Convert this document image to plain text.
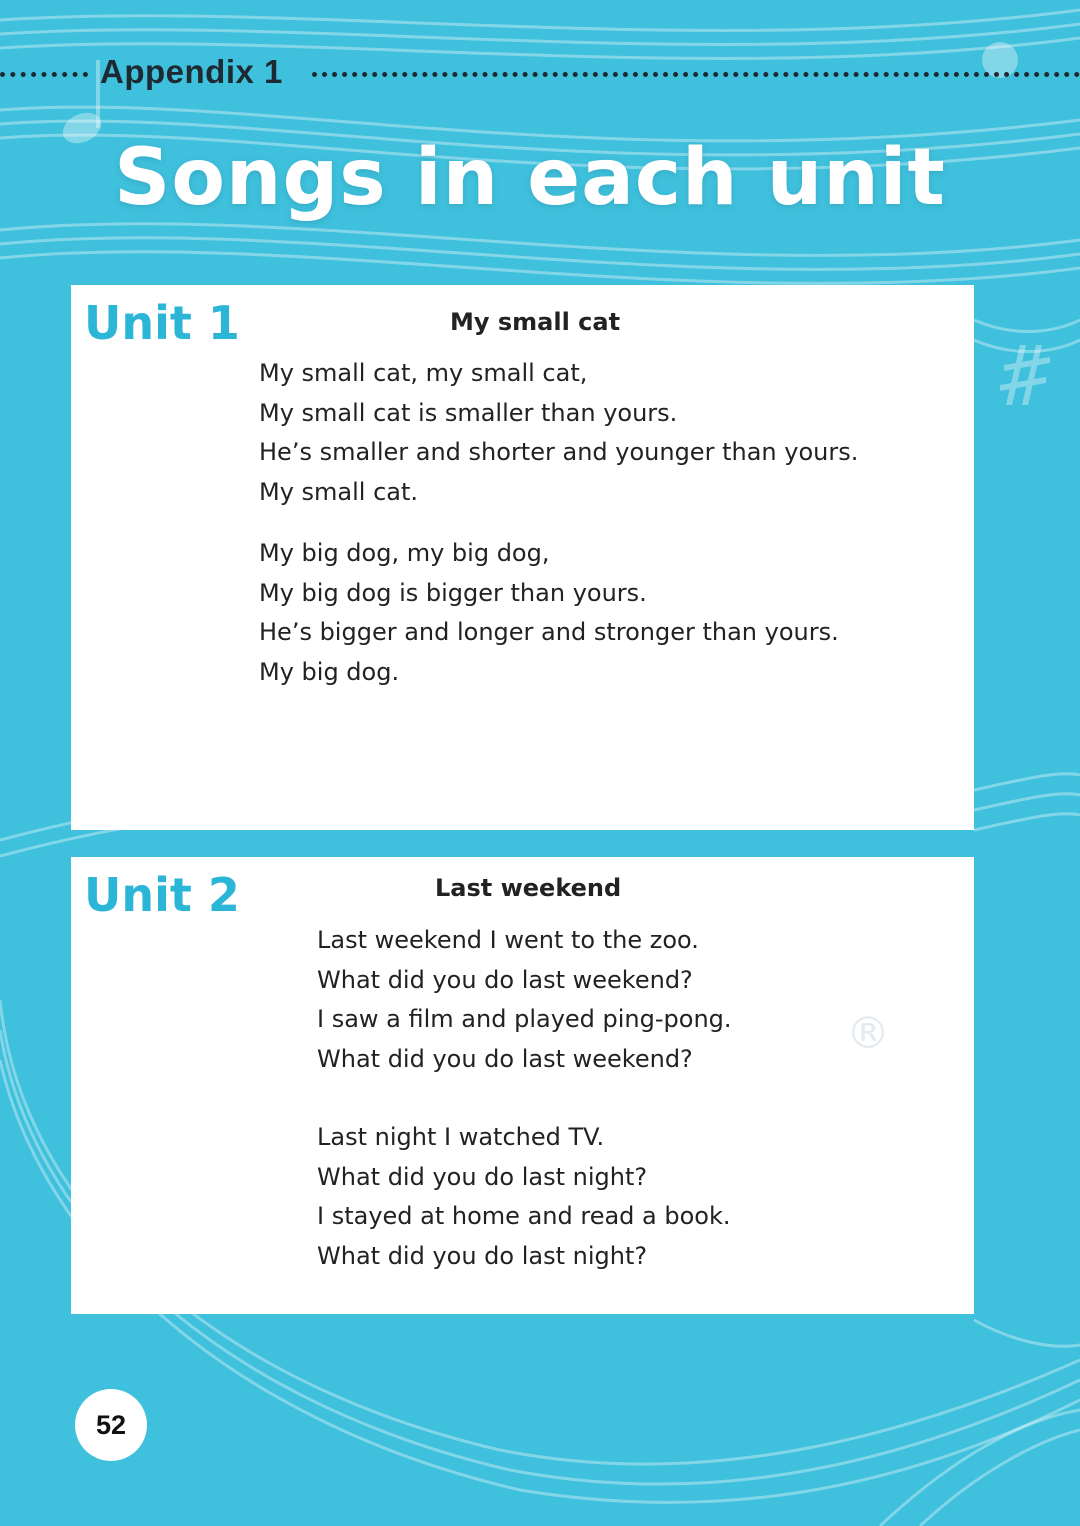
Appendix 1
Songs in each unit
Unit 1	My small cat
My small cat, my small cat,
My small cat is smaller than yours.
He’s smaller and shorter and younger than yours.
My small cat.
My big dog, my big dog,
My big dog is bigger than yours.
He’s bigger and longer and stronger than yours.
My big dog.
Unit 2	Last weekend
Last weekend I went to the zoo.
What did you do last weekend?
I saw a film and played ping-pong.
What did you do last weekend?
Last night I watched TV.
What did you do last night?
I stayed at home and read a book.
What did you do last night?
®
52
